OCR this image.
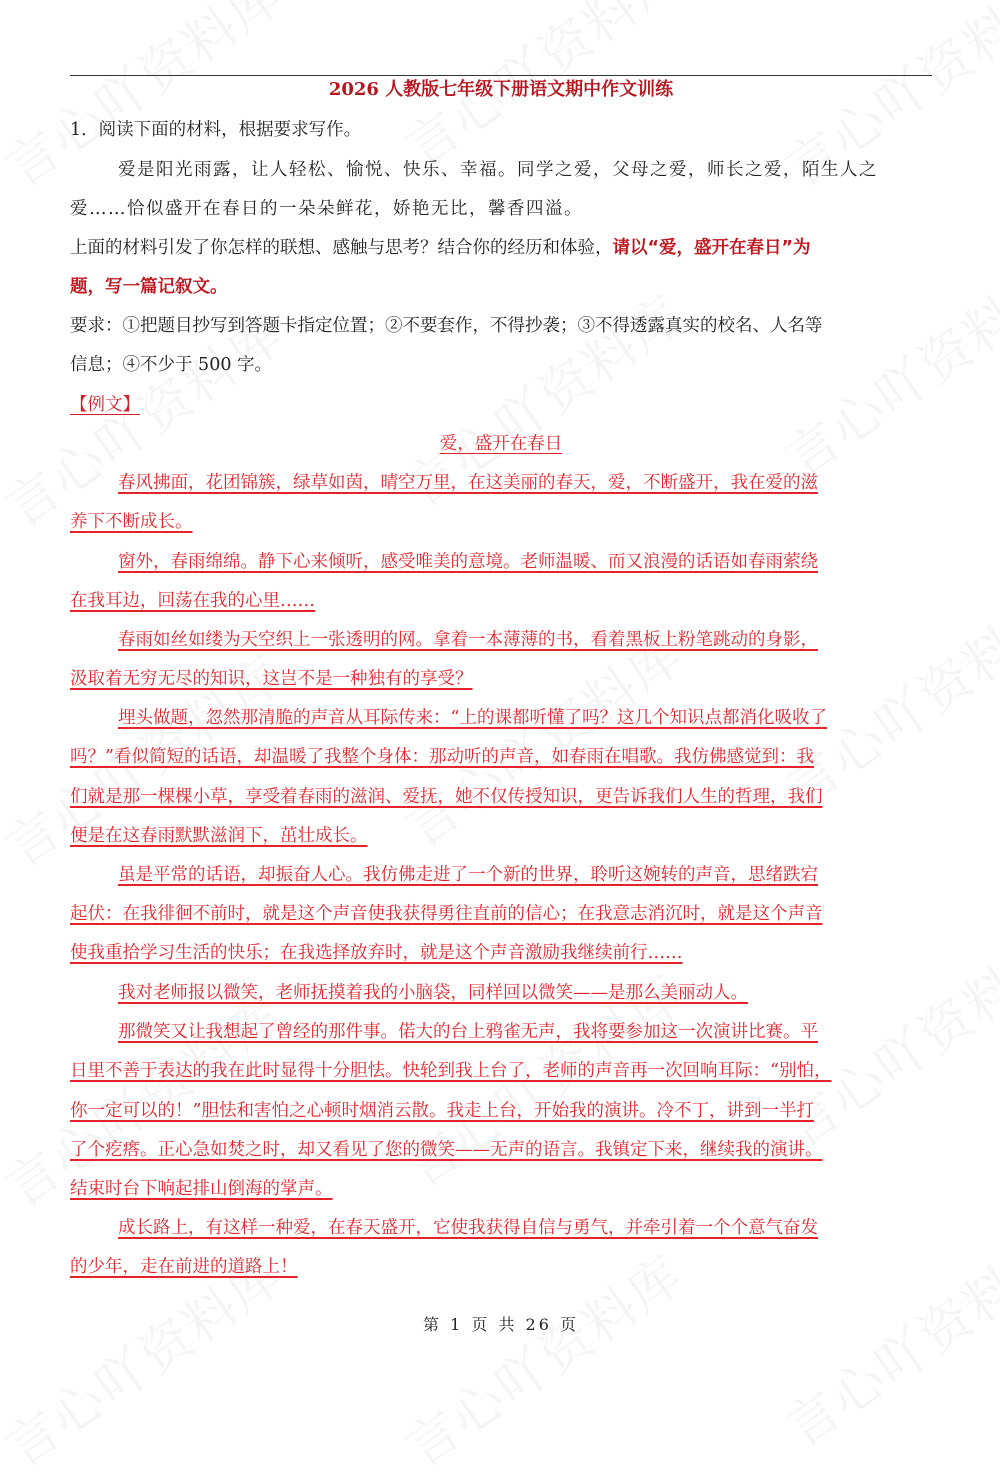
2026 人教版七年级下册语文期中作文训练
1．阅读下面的材料，根据要求写作。
爱是阳光雨露，让人轻松、愉悦、快乐、幸福。同学之爱，父母之爱，师长之爱，陌生人之
爱……恰似盛开在春日的一朵朵鲜花，娇艳无比，馨香四溢。
上面的材料引发了你怎样的联想、感触与思考？结合你的经历和体验，请以“爱，盛开在春日”为
题，写一篇记叙文。
要求：①把题目抄写到答题卡指定位置；②不要套作，不得抄袭；③不得透露真实的校名、人名等
信息；④不少于 500 字。
【例文】
爱，盛开在春日
春风拂面，花团锦簇，绿草如茵，晴空万里，在这美丽的春天，爱，不断盛开，我在爱的滋
养下不断成长。
窗外，春雨绵绵。静下心来倾听，感受唯美的意境。老师温暖、而又浪漫的话语如春雨萦绕
在我耳边，回荡在我的心里……
春雨如丝如缕为天空织上一张透明的网。拿着一本薄薄的书，看着黑板上粉笔跳动的身影，
汲取着无穷无尽的知识，这岂不是一种独有的享受？
埋头做题，忽然那清脆的声音从耳际传来：“上的课都听懂了吗？这几个知识点都消化吸收了
吗？”看似简短的话语，却温暖了我整个身体：那动听的声音，如春雨在唱歌。我仿佛感觉到：我
们就是那一棵棵小草，享受着春雨的滋润、爱抚，她不仅传授知识，更告诉我们人生的哲理，我们
便是在这春雨默默滋润下，茁壮成长。
虽是平常的话语，却振奋人心。我仿佛走进了一个新的世界，聆听这婉转的声音，思绪跌宕
起伏：在我徘徊不前时，就是这个声音使我获得勇往直前的信心；在我意志消沉时，就是这个声音
使我重拾学习生活的快乐；在我选择放弃时，就是这个声音激励我继续前行……
我对老师报以微笑，老师抚摸着我的小脑袋，同样回以微笑——是那么美丽动人。
那微笑又让我想起了曾经的那件事。偌大的台上鸦雀无声，我将要参加这一次演讲比赛。平
日里不善于表达的我在此时显得十分胆怯。快轮到我上台了，老师的声音再一次回响耳际：“别怕，
你一定可以的！”胆怯和害怕之心顿时烟消云散。我走上台，开始我的演讲。冷不丁，讲到一半打
了个疙瘩。正心急如焚之时，却又看见了您的微笑——无声的语言。我镇定下来，继续我的演讲。
结束时台下响起排山倒海的掌声。
成长路上，有这样一种爱，在春天盛开，它使我获得自信与勇气，并牵引着一个个意气奋发
的少年，走在前进的道路上！
第 1 页 共 26 页
